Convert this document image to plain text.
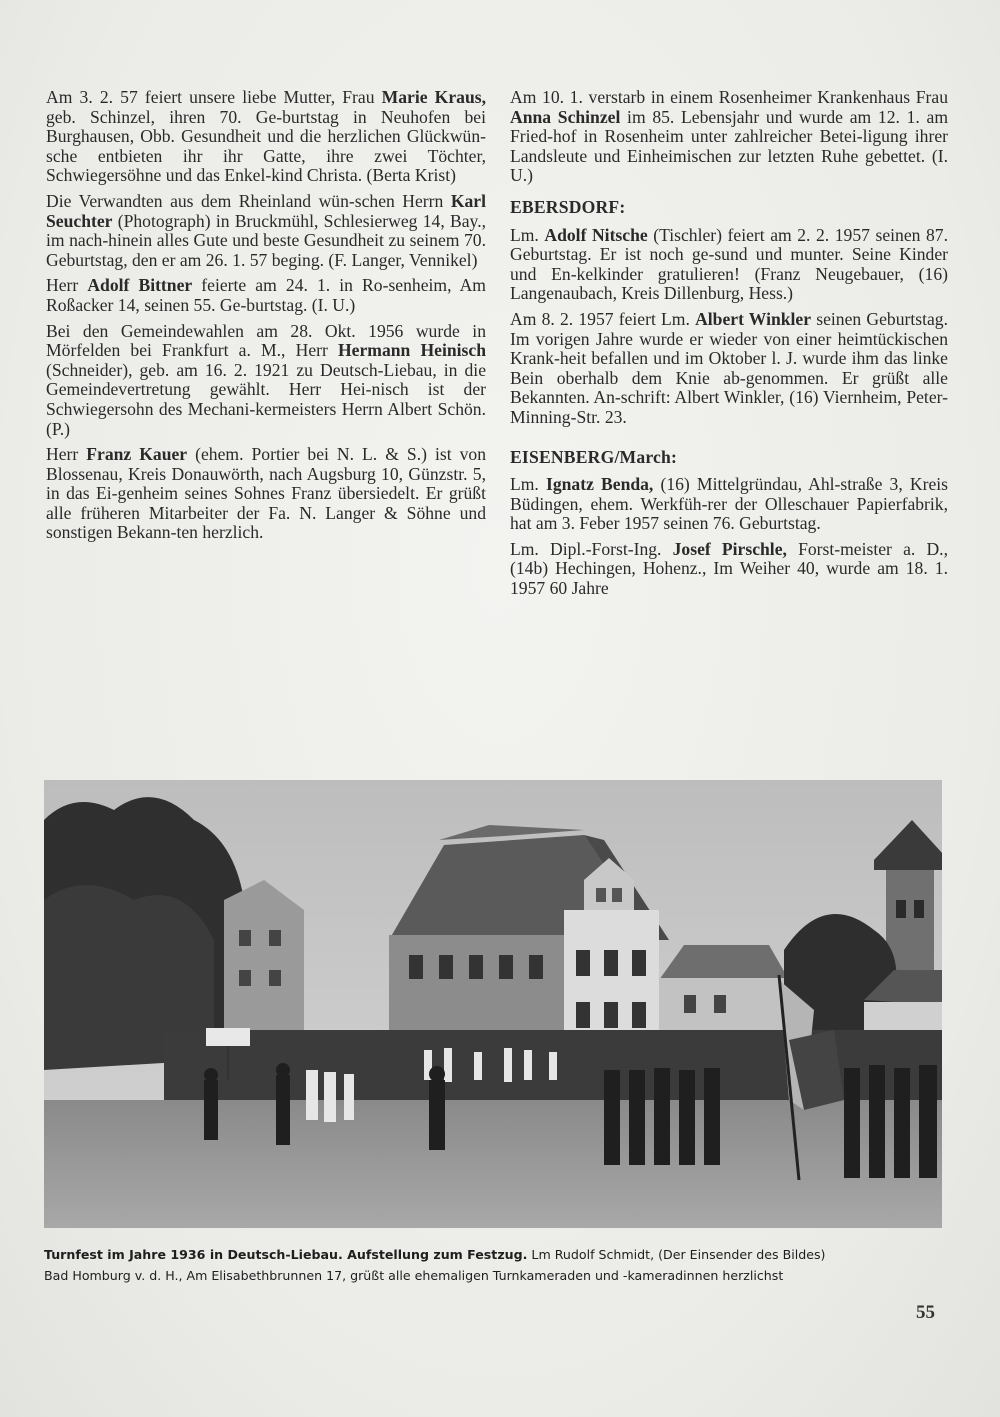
Am 3. 2. 57 feiert unsere liebe Mutter, Frau Marie Kraus, geb. Schinzel, ihren 70. Ge-burtstag in Neuhofen bei Burghausen, Obb. Gesundheit und die herzlichen Glückwün-sche entbieten ihr ihr Gatte, ihre zwei Töchter, Schwiegersöhne und das Enkel-kind Christa. (Berta Krist)

Die Verwandten aus dem Rheinland wün-schen Herrn Karl Seuchter (Photograph) in Bruckmühl, Schlesierweg 14, Bay., im nach-hinein alles Gute und beste Gesundheit zu seinem 70. Geburtstag, den er am 26. 1. 57 beging. (F. Langer, Vennikel)

Herr Adolf Bittner feierte am 24. 1. in Ro-senheim, Am Roßacker 14, seinen 55. Ge-burtstag. (I. U.)

Bei den Gemeindewahlen am 28. Okt. 1956 wurde in Mörfelden bei Frankfurt a. M., Herr Hermann Heinisch (Schneider), geb. am 16. 2. 1921 zu Deutsch-Liebau, in die Gemeindevertretung gewählt. Herr Hei-nisch ist der Schwiegersohn des Mechani-kermeisters Herrn Albert Schön. (P.)

Herr Franz Kauer (ehem. Portier bei N. L. & S.) ist von Blossenau, Kreis Donauwörth, nach Augsburg 10, Günzstr. 5, in das Ei-genheim seines Sohnes Franz übersiedelt. Er grüßt alle früheren Mitarbeiter der Fa. N. Langer & Söhne und sonstigen Bekann-ten herzlich.

Am 10. 1. verstarb in einem Rosenheimer Krankenhaus Frau Anna Schinzel im 85. Lebensjahr und wurde am 12. 1. am Fried-hof in Rosenheim unter zahlreicher Betei-ligung ihrer Landsleute und Einheimischen zur letzten Ruhe gebettet. (I. U.)

EBERSDORF:

Lm. Adolf Nitsche (Tischler) feiert am 2. 2. 1957 seinen 87. Geburtstag. Er ist noch ge-sund und munter. Seine Kinder und En-kelkinder gratulieren! (Franz Neugebauer, (16) Langenaubach, Kreis Dillenburg, Hess.)

Am 8. 2. 1957 feiert Lm. Albert Winkler seinen Geburtstag. Im vorigen Jahre wurde er wieder von einer heimtückischen Krank-heit befallen und im Oktober l. J. wurde ihm das linke Bein oberhalb dem Knie ab-genommen. Er grüßt alle Bekannten. An-schrift: Albert Winkler, (16) Viernheim, Peter-Minning-Str. 23.

EISENBERG/March:

Lm. Ignatz Benda, (16) Mittelgründau, Ahl-straße 3, Kreis Büdingen, ehem. Werkfüh-rer der Olleschauer Papierfabrik, hat am 3. Feber 1957 seinen 76. Geburtstag.

Lm. Dipl.-Forst-Ing. Josef Pirschle, Forst-meister a. D., (14b) Hechingen, Hohenz., Im Weiher 40, wurde am 18. 1. 1957 60 Jahre

Turnfest im Jahre 1936 in Deutsch-Liebau. Aufstellung zum Festzug. Lm Rudolf Schmidt, (Der Einsender des Bildes)
Bad Homburg v. d. H., Am Elisabethbrunnen 17, grüßt alle ehemaligen Turnkameraden und -kameradinnen herzlichst
55
